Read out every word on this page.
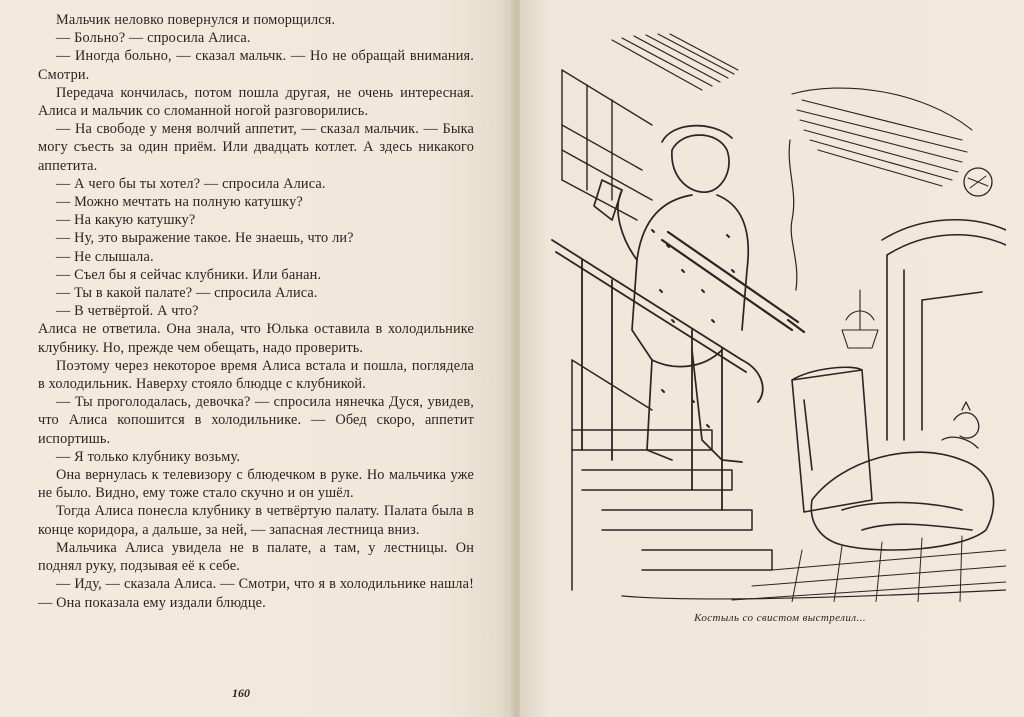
Мальчик неловко повернулся и поморщился.

— Больно? — спросила Алиса.

— Иногда больно, — сказал мальчк. — Но не обращай внимания. Смотри.

Передача кончилась, потом пошла другая, не очень интересная. Алиса и мальчик со сломанной ногой разговорились.

— На свободе у меня волчий аппетит, — сказал мальчик. — Быка могу съесть за один приём. Или двадцать котлет. А здесь никакого аппетита.

— А чего бы ты хотел? — спросила Алиса.

— Можно мечтать на полную катушку?

— На какую катушку?

— Ну, это выражение такое. Не знаешь, что ли?

— Не слышала.

— Съел бы я сейчас клубники. Или банан.

— Ты в какой палате? — спросила Алиса.

— В четвёртой. А что?

Алиса не ответила. Она знала, что Юлька оставила в холодильнике клубнику. Но, прежде чем обещать, надо проверить.

Поэтому через некоторое время Алиса встала и пошла, поглядела в холодильник. Наверху стояло блюдце с клубникой.

— Ты проголодалась, девочка? — спросила нянечка Дуся, увидев, что Алиса копошится в холодильнике. — Обед скоро, аппетит испортишь.

— Я только клубнику возьму.

Она вернулась к телевизору с блюдечком в руке. Но мальчика уже не было. Видно, ему тоже стало скучно и он ушёл.

Тогда Алиса понесла клубнику в четвёртую палату. Палата была в конце коридора, а дальше, за ней, — запасная лестница вниз.

Мальчика Алиса увидела не в палате, а там, у лестницы. Он поднял руку, подзывая её к себе.

— Иду, — сказала Алиса. — Смотри, что я в холодильнике нашла! — Она показала ему издали блюдце.

160
Костыль со свистом выстрелил...
